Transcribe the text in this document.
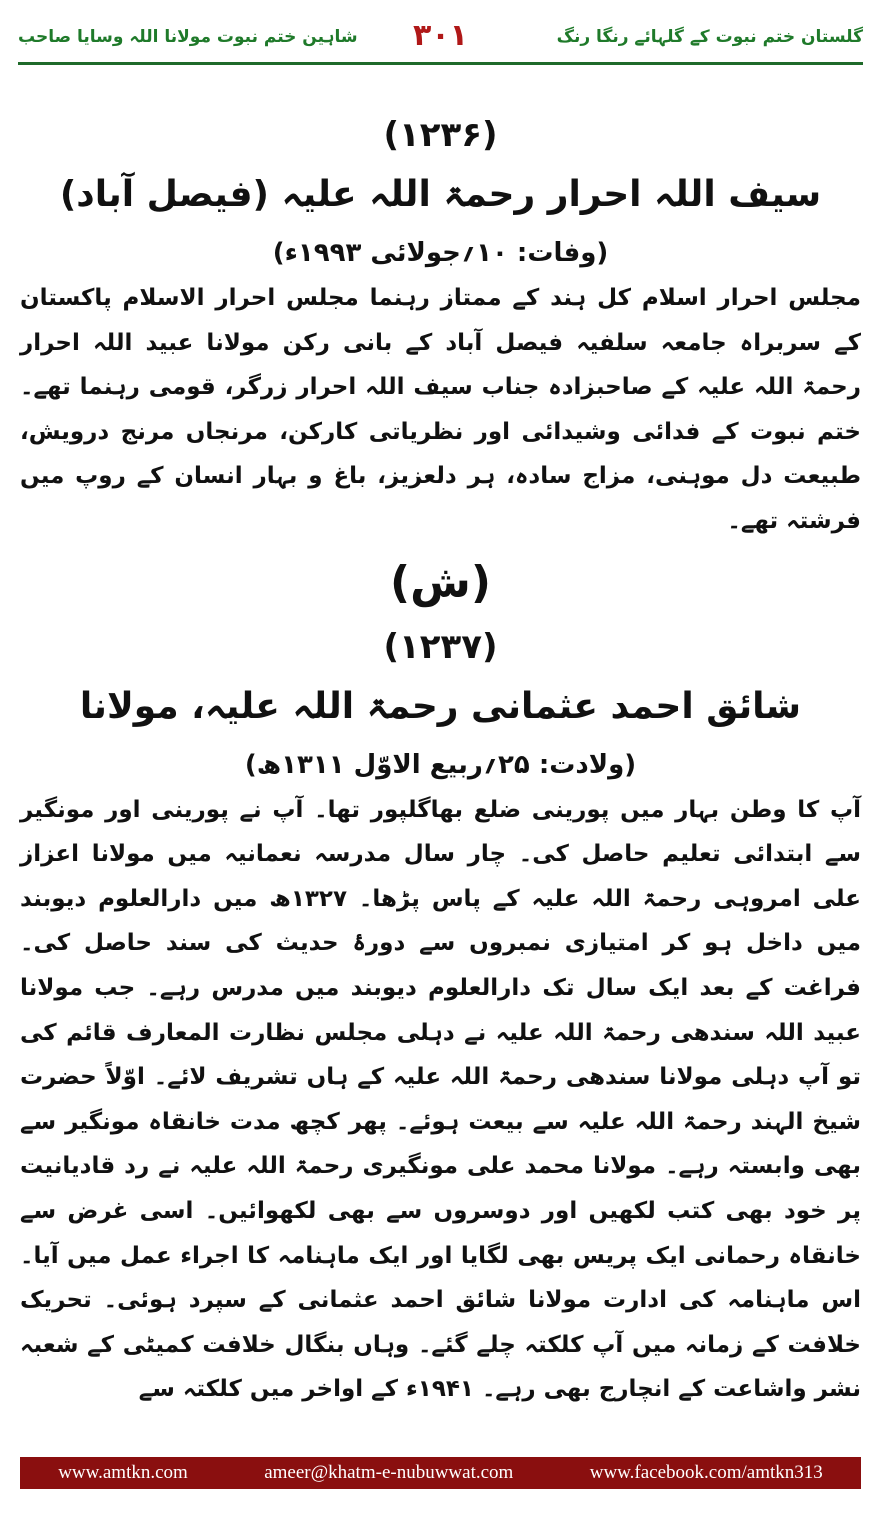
گلستان ختم نبوت کے گلہائے رنگا رنگ
۳۰۱
شاہین ختم نبوت مولانا اللہ وسایا صاحب
(۱۲۳۶)
سیف اللہ احرار رحمۃ اللہ علیہ (فیصل آباد)
(وفات: ۱۰؍جولائی ۱۹۹۳ء)

مجلس احرار اسلام کل ہند کے ممتاز رہنما مجلس احرار الاسلام پاکستان کے سربراہ جامعہ سلفیہ فیصل آباد کے بانی رکن مولانا عبید اللہ احرار رحمۃ اللہ علیہ کے صاحبزادہ جناب سیف اللہ احرار زرگر، قومی رہنما تھے۔ ختم نبوت کے فدائی وشیدائی اور نظریاتی کارکن، مرنجاں مرنج درویش، طبیعت دل موہنی، مزاج سادہ، ہر دلعزیز، باغ و بہار انسان کے روپ میں فرشتہ تھے۔

(ش)
(۱۲۳۷)
شائق احمد عثمانی رحمۃ اللہ علیہ، مولانا
(ولادت: ۲۵؍ربیع الاوّل ۱۳۱۱ھ)

آپ کا وطن بہار میں پورینی ضلع بھاگلپور تھا۔ آپ نے پورینی اور مونگیر سے ابتدائی تعلیم حاصل کی۔ چار سال مدرسہ نعمانیہ میں مولانا اعزاز علی امروہی رحمۃ اللہ علیہ کے پاس پڑھا۔ ۱۳۲۷ھ میں دارالعلوم دیوبند میں داخل ہو کر امتیازی نمبروں سے دورۂ حدیث کی سند حاصل کی۔ فراغت کے بعد ایک سال تک دارالعلوم دیوبند میں مدرس رہے۔ جب مولانا عبید اللہ سندھی رحمۃ اللہ علیہ نے دہلی مجلس نظارت المعارف قائم کی تو آپ دہلی مولانا سندھی رحمۃ اللہ علیہ کے ہاں تشریف لائے۔ اوّلاً حضرت شیخ الہند رحمۃ اللہ علیہ سے بیعت ہوئے۔ پھر کچھ مدت خانقاہ مونگیر سے بھی وابستہ رہے۔ مولانا محمد علی مونگیری رحمۃ اللہ علیہ نے رد قادیانیت پر خود بھی کتب لکھیں اور دوسروں سے بھی لکھوائیں۔ اسی غرض سے خانقاہ رحمانی ایک پریس بھی لگایا اور ایک ماہنامہ کا اجراء عمل میں آیا۔ اس ماہنامہ کی ادارت مولانا شائق احمد عثمانی کے سپرد ہوئی۔ تحریک خلافت کے زمانہ میں آپ کلکتہ چلے گئے۔ وہاں بنگال خلافت کمیٹی کے شعبہ نشر واشاعت کے انچارج بھی رہے۔ ۱۹۴۱ء کے اواخر میں کلکتہ سے

www.amtkn.com	ameer@khatm-e-nubuwwat.com	www.facebook.com/amtkn313
